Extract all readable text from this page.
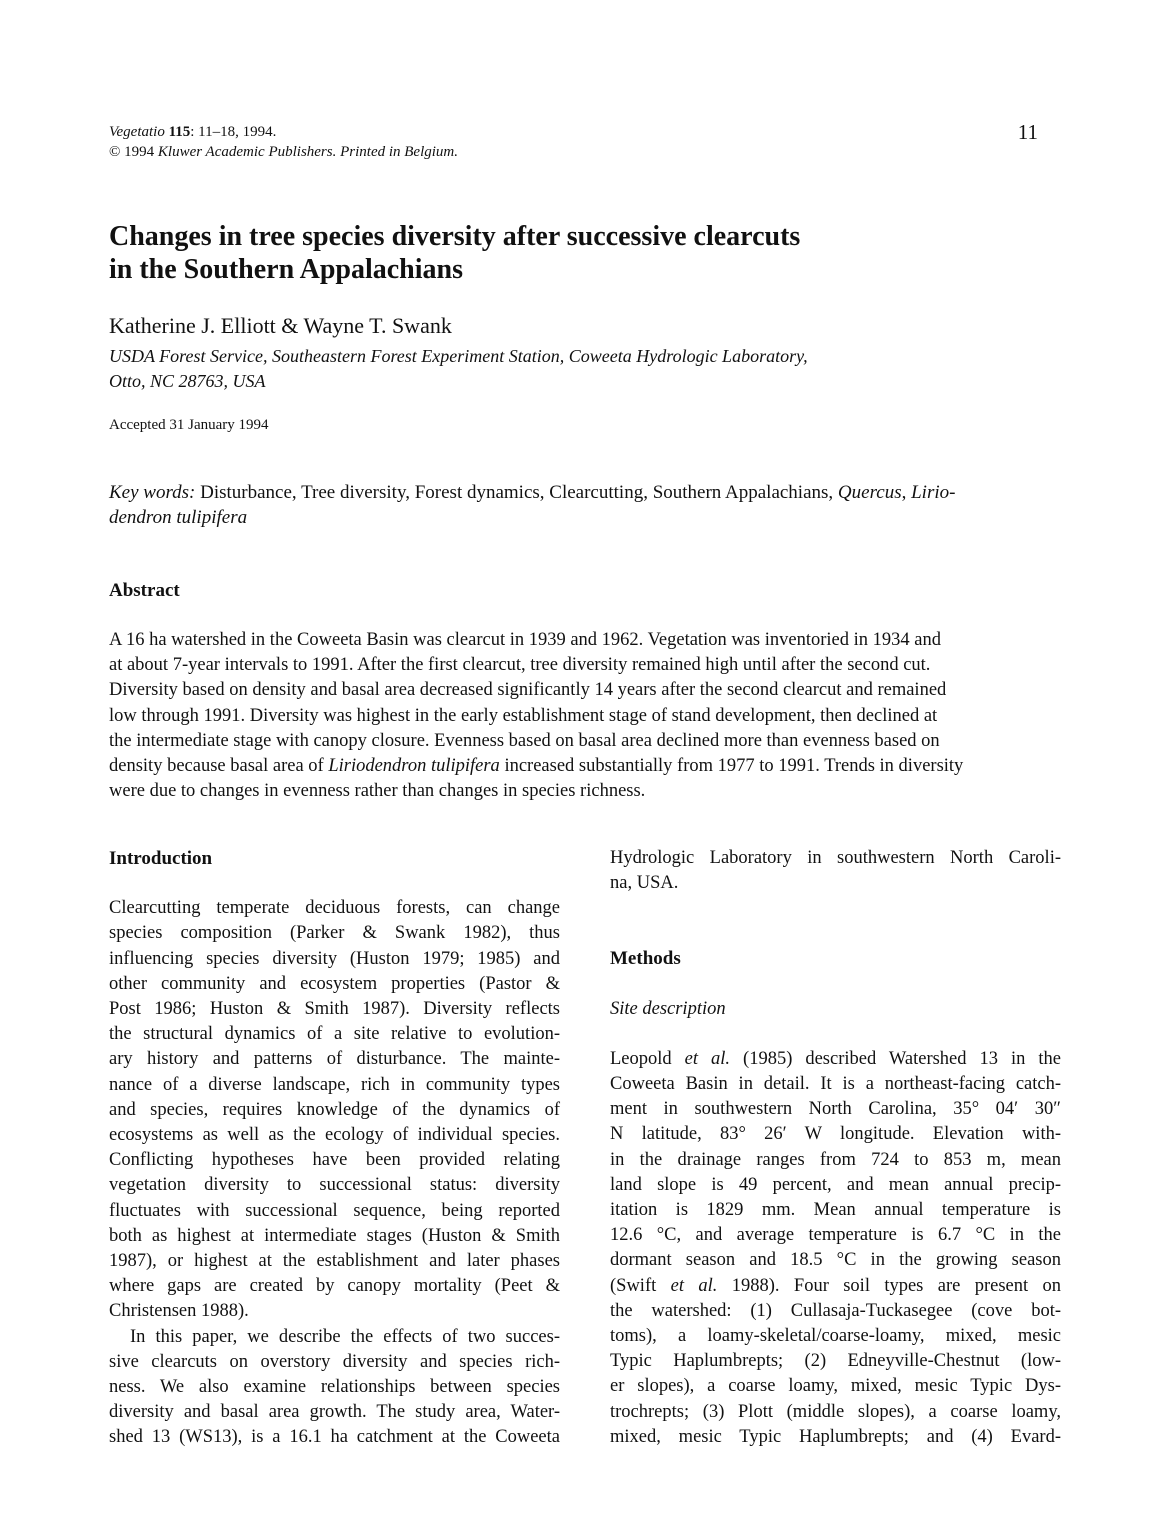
Vegetatio 115: 11–18, 1994.
© 1994 Kluwer Academic Publishers. Printed in Belgium.
11
Changes in tree species diversity after successive clearcuts
in the Southern Appalachians
Katherine J. Elliott & Wayne T. Swank
USDA Forest Service, Southeastern Forest Experiment Station, Coweeta Hydrologic Laboratory,
Otto, NC 28763, USA
Accepted 31 January 1994
Key words: Disturbance, Tree diversity, Forest dynamics, Clearcutting, Southern Appalachians, Quercus, Lirio-
dendron tulipifera
Abstract
A 16 ha watershed in the Coweeta Basin was clearcut in 1939 and 1962. Vegetation was inventoried in 1934 and
at about 7-year intervals to 1991. After the first clearcut, tree diversity remained high until after the second cut.
Diversity based on density and basal area decreased significantly 14 years after the second clearcut and remained
low through 1991. Diversity was highest in the early establishment stage of stand development, then declined at
the intermediate stage with canopy closure. Evenness based on basal area declined more than evenness based on
density because basal area of Liriodendron tulipifera increased substantially from 1977 to 1991. Trends in diversity
were due to changes in evenness rather than changes in species richness.
Introduction
Clearcutting temperate deciduous forests, can change
species composition (Parker & Swank 1982), thus
influencing species diversity (Huston 1979; 1985) and
other community and ecosystem properties (Pastor &
Post 1986; Huston & Smith 1987). Diversity reflects
the structural dynamics of a site relative to evolution-
ary history and patterns of disturbance. The mainte-
nance of a diverse landscape, rich in community types
and species, requires knowledge of the dynamics of
ecosystems as well as the ecology of individual species.
Conflicting hypotheses have been provided relating
vegetation diversity to successional status: diversity
fluctuates with successional sequence, being reported
both as highest at intermediate stages (Huston & Smith
1987), or highest at the establishment and later phases
where gaps are created by canopy mortality (Peet &
Christensen 1988).
In this paper, we describe the effects of two succes-
sive clearcuts on overstory diversity and species rich-
ness. We also examine relationships between species
diversity and basal area growth. The study area, Water-
shed 13 (WS13), is a 16.1 ha catchment at the Coweeta
Hydrologic Laboratory in southwestern North Caroli-
na, USA.
Methods
Site description
Leopold et al. (1985) described Watershed 13 in the
Coweeta Basin in detail. It is a northeast-facing catch-
ment in southwestern North Carolina, 35° 04′ 30″
N latitude, 83° 26′ W longitude. Elevation with-
in the drainage ranges from 724 to 853 m, mean
land slope is 49 percent, and mean annual precip-
itation is 1829 mm. Mean annual temperature is
12.6 °C, and average temperature is 6.7 °C in the
dormant season and 18.5 °C in the growing season
(Swift et al. 1988). Four soil types are present on
the watershed: (1) Cullasaja-Tuckasegee (cove bot-
toms), a loamy-skeletal/coarse-loamy, mixed, mesic
Typic Haplumbrepts; (2) Edneyville-Chestnut (low-
er slopes), a coarse loamy, mixed, mesic Typic Dys-
trochrepts; (3) Plott (middle slopes), a coarse loamy,
mixed, mesic Typic Haplumbrepts; and (4) Evard-
